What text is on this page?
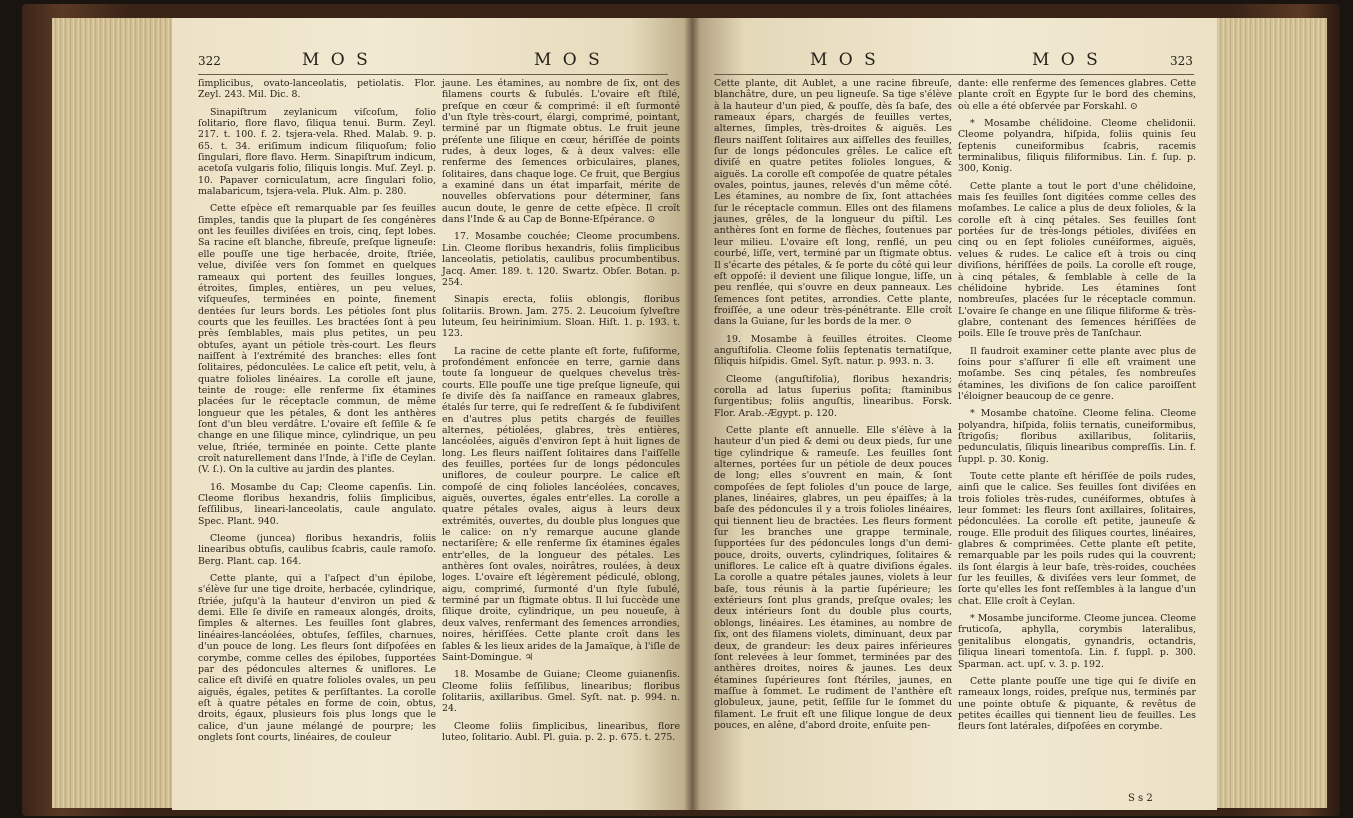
322	M O S	M O S

ſimplicibus, ovato-lanceolatis, petiolatis. Flor. Zeyl. 243. Mil. Dic. 8.

Sinapiſtrum zeylanicum viſcoſum, folio ſolitario, flore flavo, ſiliqua tenui. Burm. Zeyl. 217. t. 100. f. 2. tsjera-vela. Rhed. Malab. 9. p. 65. t. 34. eriſimum indicum ſiliquoſum; folio ſingulari, flore flavo. Herm. Sinapiſtrum indicum, acetoſa vulgaris folio, ſiliquis longis. Muſ. Zeyl. p. 10. Papaver corniculatum, acre ſingulari folio, malabaricum, tsjera-vela. Pluk. Alm. p. 280.

Cette eſpèce eſt remarquable par ſes feuilles ſimples, tandis que la plupart de ſes congénères ont les feuilles diviſées en trois, cinq, ſept lobes. Sa racine eſt blanche, fibreuſe, preſque ligneuſe: elle pouſſe une tige herbacée, droite, ſtriée, velue, diviſée vers ſon ſommet en quelques rameaux qui portent des feuilles longues, étroites, ſimples, entières, un peu velues, viſqueuſes, terminées en pointe, finement dentées ſur leurs bords. Les pétioles ſont plus courts que les feuilles. Les bractées ſont à peu près ſemblables, mais plus petites, un peu obtuſes, ayant un pétiole très-court. Les fleurs naiſſent à l'extrémité des branches: elles ſont ſolitaires, pédonculées. Le calice eſt petit, velu, à quatre folioles linéaires. La corolle eſt jaune, teinte de rouge: elle renferme ſix étamines placées ſur le réceptacle commun, de même longueur que les pétales, & dont les anthères ſont d'un bleu verdâtre. L'ovaire eſt ſeſſile & ſe change en une ſilique mince, cylindrique, un peu velue, ſtriée, terminée en pointe. Cette plante croît naturellement dans l'Inde, à l'iſle de Ceylan. (V. ſ.). On la cultive au jardin des plantes.

16. Mosambe du Cap; Cleome capenſis. Lin. Cleome floribus hexandris, foliis ſimplicibus, ſeſſilibus, lineari-lanceolatis, caule angulato. Spec. Plant. 940.

Cleome (juncea) floribus hexandris, foliis linearibus obtuſis, caulibus ſcabris, caule ramoſo. Berg. Plant. cap. 164.

Cette plante, qui a l'aſpect d'un épilobe, s'élève ſur une tige droite, herbacée, cylindrique, ſtriée, juſqu'à la hauteur d'environ un pied & demi. Elle ſe diviſe en rameaux alongés, droits, ſimples & alternes. Les feuilles ſont glabres, linéaires-lancéolées, obtuſes, ſeſſiles, charnues, d'un pouce de long. Les fleurs ſont diſpoſées en corymbe, comme celles des épilobes, ſupportées par des pédoncules alternes & uniflores. Le calice eſt diviſé en quatre folioles ovales, un peu aiguës, égales, petites & perſiſtantes. La corolle eſt à quatre pétales en forme de coin, obtus, droits, égaux, plusieurs fois plus longs que le calice, d'un jaune mélangé de pourpre; les onglets ſont courts, linéaires, de couleur

jaune. Les étamines, au nombre de ſix, ont des filamens courts & ſubulés. L'ovaire eſt ſtilé, preſque en cœur & comprimé: il eſt ſurmonté d'un ſtyle très-court, élargi, comprimé, pointant, terminé par un ſtigmate obtus. Le fruit jeune préſente une ſilique en cœur, hériſſée de points rudes, à deux loges, & à deux valves: elle renferme des ſemences orbiculaires, planes, ſolitaires, dans chaque loge. Ce fruit, que Bergius a examiné dans un état imparfait, mérite de nouvelles obſervations pour déterminer, ſans aucun doute, le genre de cette eſpèce. Il croît dans l'Inde & au Cap de Bonne-Eſpérance. ⊙

17. Mosambe couchée; Cleome procumbens. Lin. Cleome floribus hexandris, foliis ſimplicibus lanceolatis, petiolatis, caulibus procumbentibus. Jacq. Amer. 189. t. 120. Swartz. Obſer. Botan. p. 254.

Sinapis erecta, foliis oblongis, floribus ſolitariis. Brown. Jam. 275. 2. Leucoium ſylveſtre luteum, ſeu heirinimium. Sloan. Hiſt. 1. p. 193. t. 123.

La racine de cette plante eſt forte, fuſiforme, profondément enfoncée en terre, garnie dans toute ſa longueur de quelques chevelus très-courts. Elle pouſſe une tige preſque ligneuſe, qui ſe diviſe dès ſa naiſſance en rameaux glabres, étalés ſur terre, qui ſe redreſſent & ſe ſubdiviſent en d'autres plus petits chargés de feuilles alternes, pétiolées, glabres, très entières, lancéolées, aiguës d'environ ſept à huit lignes de long. Les fleurs naiſſent ſolitaires dans l'aiſſelle des feuilles, portées ſur de longs pédoncules uniflores, de couleur pourpre. Le calice eſt compoſé de cinq folioles lancéolées, concaves, aiguës, ouvertes, égales entr'elles. La corolle a quatre pétales ovales, aigus à leurs deux extrémités, ouvertes, du double plus longues que le calice: on n'y remarque aucune glande nectariſère; & elle renferme ſix étamines égales entr'elles, de la longueur des pétales. Les anthères ſont ovales, noirâtres, roulées, à deux loges. L'ovaire eſt légèrement pédiculé, oblong, aigu, comprimé, ſurmonté d'un ſtyle ſubulé, terminé par un ſtigmate obtus. Il lui ſuccède une ſilique droite, cylindrique, un peu noueuſe, à deux valves, renfermant des ſemences arrondies, noires, hériſſées. Cette plante croît dans les ſables & les lieux arides de la Jamaïque, à l'iſle de Saint-Domingue. ♃

18. Mosambe de Guiane; Cleome guianenſis. Cleome foliis ſeſſilibus, linearibus; floribus ſolitariis, axillaribus. Gmel. Syſt. nat. p. 994. n. 24.

Cleome foliis ſimplicibus, linearibus, flore luteo, ſolitario. Aubl. Pl. guia. p. 2. p. 675. t. 275.

M O S	M O S	323

Cette plante, dit Aublet, a une racine fibreuſe, blanchâtre, dure, un peu ligneuſe. Sa tige s'élève à la hauteur d'un pied, & pouſſe, dès ſa baſe, des rameaux épars, chargés de feuilles vertes, alternes, ſimples, très-droites & aiguës. Les fleurs naiſſent ſolitaires aux aiſſelles des feuilles, ſur de longs pédoncules grêles. Le calice eſt diviſé en quatre petites folioles longues, & aiguës. La corolle eſt compoſée de quatre pétales ovales, pointus, jaunes, relevés d'un même côté. Les étamines, au nombre de ſix, ſont attachées ſur le réceptacle commun. Elles ont des filamens jaunes, grêles, de la longueur du piſtil. Les anthères ſont en forme de flèches, ſoutenues par leur milieu. L'ovaire eſt long, renflé, un peu courbé, liſſe, vert, terminé par un ſtigmate obtus. Il s'écarte des pétales, & ſe porte du côté qui leur eſt oppoſé: il devient une ſilique longue, liſſe, un peu renflée, qui s'ouvre en deux panneaux. Les ſemences ſont petites, arrondies. Cette plante, froiſſée, a une odeur très-pénétrante. Elle croît dans la Guiane, ſur les bords de la mer. ⊙

19. Mosambe à feuilles étroites. Cleome anguſtifolia. Cleome foliis ſeptenatis ternatiſque, ſiliquis hiſpidis. Gmel. Syſt. natur. p. 993. n. 3.

Cleome (anguſtifolia), floribus hexandris; corolla ad latus ſuperius poſita; ſtaminibus ſurgentibus; foliis anguſtis, linearibus. Forsk. Flor. Arab.-Ægypt. p. 120.

Cette plante eſt annuelle. Elle s'élève à la hauteur d'un pied & demi ou deux pieds, ſur une tige cylindrique & rameuſe. Les feuilles ſont alternes, portées ſur un pétiole de deux pouces de long; elles s'ouvrent en main, & ſont compoſées de ſept folioles d'un pouce de large, planes, linéaires, glabres, un peu épaiſſes; à la baſe des pédoncules il y a trois folioles linéaires, qui tiennent lieu de bractées. Les fleurs forment ſur les branches une grappe terminale, ſupportées ſur des pédoncules longs d'un demi-pouce, droits, ouverts, cylindriques, ſolitaires & uniflores. Le calice eſt à quatre diviſions égales. La corolle a quatre pétales jaunes, violets à leur baſe, tous réunis à la partie ſupérieure; les extérieurs ſont plus grands, preſque ovales; les deux intérieurs ſont du double plus courts, oblongs, linéaires. Les étamines, au nombre de ſix, ont des filamens violets, diminuant, deux par deux, de grandeur: les deux paires inférieures ſont relevées à leur ſommet, terminées par des anthères droites, noires & jaunes. Les deux étamines ſupérieures ſont ſtériles, jaunes, en maſſue à ſommet. Le rudiment de l'anthère eſt globuleux, jaune, petit, ſeſſile ſur le ſommet du filament. Le fruit eſt une ſilique longue de deux pouces, en alêne, d'abord droite, enſuite pen-

dante: elle renferme des ſemences glabres. Cette plante croît en Égypte ſur le bord des chemins, où elle a été obſervée par Forskahl. ⊙

* Mosambe chélidoine. Cleome chelidonii. Cleome polyandra, hiſpida, foliis quinis ſeu ſeptenis cuneiformibus ſcabris, racemis terminalibus, ſiliquis filiformibus. Lin. f. ſup. p. 300, Konig.

Cette plante a tout le port d'une chélidoine, mais ſes feuilles ſont digitées comme celles des moſambes. Le calice a plus de deux folioles, & la corolle eſt à cinq pétales. Ses feuilles ſont portées ſur de très-longs pétioles, diviſées en cinq ou en ſept folioles cunéiformes, aiguës, velues & rudes. Le calice eſt à trois ou cinq diviſions, hériſſées de poils. La corolle eſt rouge, à cinq pétales, & ſemblable à celle de la chélidoine hybride. Les étamines ſont nombreuſes, placées ſur le réceptacle commun. L'ovaire ſe change en une ſilique filiforme & très-glabre, contenant des ſemences hériſſées de poils. Elle ſe trouve près de Tanſchaur.

Il faudroit examiner cette plante avec plus de ſoins pour s'aſſurer ſi elle eſt vraiment une moſambe. Ses cinq pétales, ſes nombreuſes étamines, les diviſions de ſon calice paroiſſent l'éloigner beaucoup de ce genre.

* Mosambe chatoïne. Cleome felina. Cleome polyandra, hiſpida, foliis ternatis, cuneiformibus, ſtrigoſis; floribus axillaribus, ſolitariis, pedunculatis, ſiliquis linearibus compreſſis. Lin. f. ſuppl. p. 30. Konig.

Toute cette plante eſt hériſſée de poils rudes, ainſi que le calice. Ses feuilles ſont diviſées en trois folioles très-rudes, cunéiformes, obtuſes à leur ſommet: les fleurs ſont axillaires, ſolitaires, pédonculées. La corolle eſt petite, jauneuſe & rouge. Elle produit des ſiliques courtes, linéaires, glabres & comprimées. Cette plante eſt petite, remarquable par les poils rudes qui la couvrent; ils ſont élargis à leur baſe, très-roides, couchées ſur les feuilles, & diviſées vers leur ſommet, de ſorte qu'elles les font reſſembles à la langue d'un chat. Elle croît à Ceylan.

* Mosambe junciforme. Cleome juncea. Cleome fruticoſa, aphylla, corymbis lateralibus, genitalibus elongatis, gynandris, octandris, ſiliqua lineari tomentoſa. Lin. f. ſuppl. p. 300. Sparman. act. upſ. v. 3. p. 192.

Cette plante pouſſe une tige qui ſe diviſe en rameaux longs, roides, preſque nus, terminés par une pointe obtuſe & piquante, & revêtus de petites écailles qui tiennent lieu de feuilles. Les fleurs ſont latérales, diſpoſées en corymbe.

S s 2
